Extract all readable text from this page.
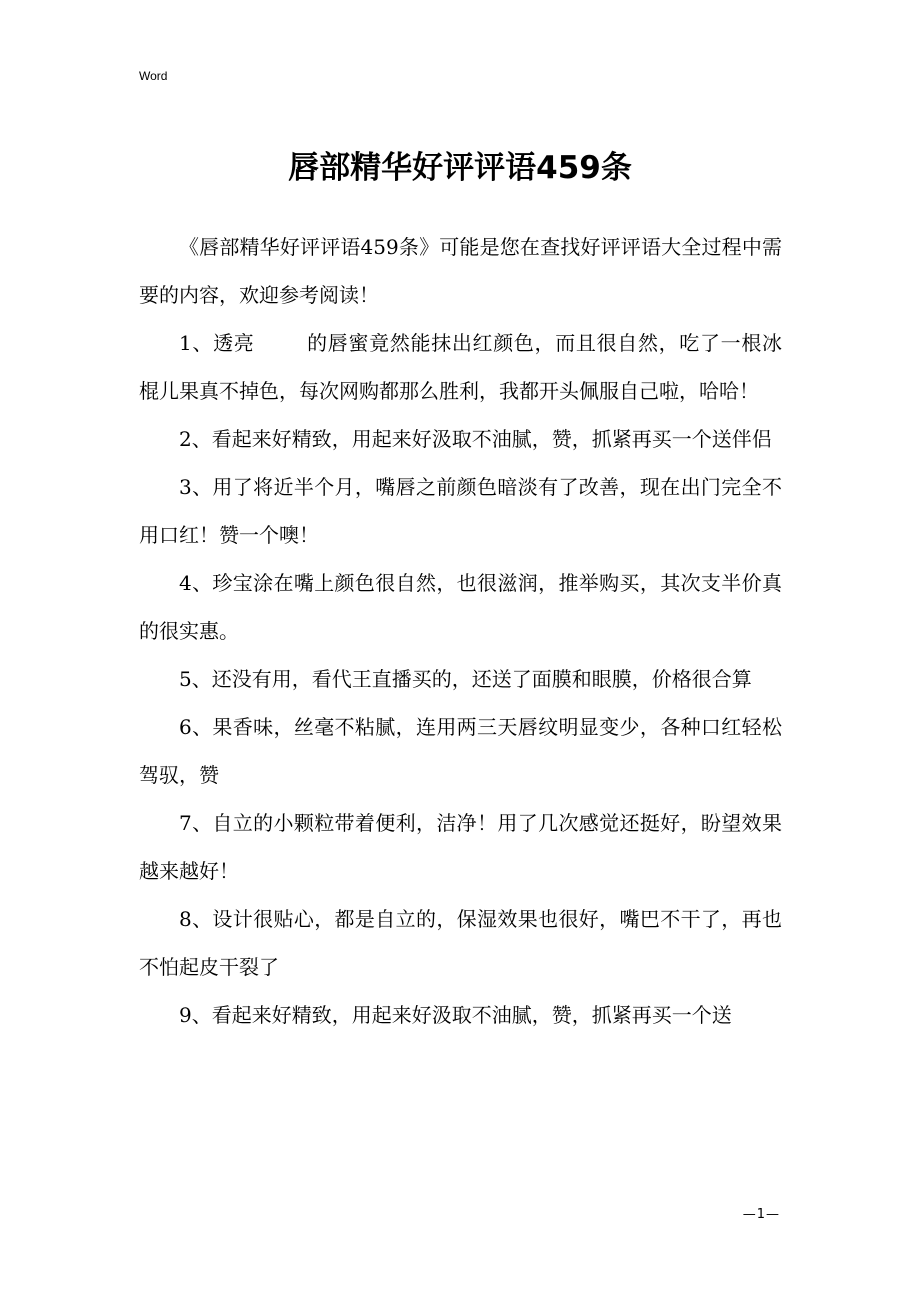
Word
唇部精华好评评语459条

《唇部精华好评评语459条》可能是您在查找好评评语大全过程中需要的内容，欢迎参考阅读！

1、透亮	的唇蜜竟然能抹出红颜色，而且很自然，吃了一根冰棍儿果真不掉色，每次网购都那么胜利，我都开头佩服自己啦，哈哈！

2、看起来好精致，用起来好汲取不油腻，赞，抓紧再买一个送伴侣

3、用了将近半个月，嘴唇之前颜色暗淡有了改善，现在出门完全不用口红！赞一个噢！

4、珍宝涂在嘴上颜色很自然，也很滋润，推举购买，其次支半价真的很实惠。

5、还没有用，看代王直播买的，还送了面膜和眼膜，价格很合算

6、果香味，丝毫不粘腻，连用两三天唇纹明显变少，各种口红轻松驾驭，赞

7、自立的小颗粒带着便利，洁净！用了几次感觉还挺好，盼望效果越来越好！

8、设计很贴心，都是自立的，保湿效果也很好，嘴巴不干了，再也不怕起皮干裂了

9、看起来好精致，用起来好汲取不油腻，赞，抓紧再买一个送

—1—
